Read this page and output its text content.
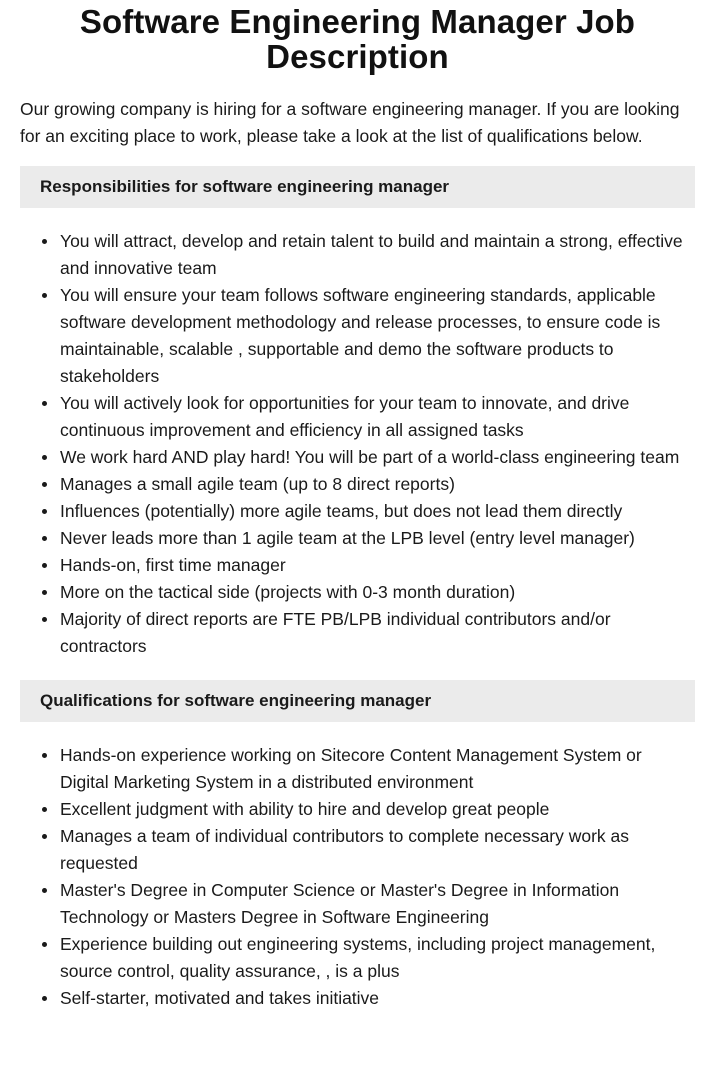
Software Engineering Manager Job Description

Our growing company is hiring for a software engineering manager. If you are looking for an exciting place to work, please take a look at the list of qualifications below.

Responsibilities for software engineering manager
You will attract, develop and retain talent to build and maintain a strong, effective and innovative team
You will ensure your team follows software engineering standards, applicable software development methodology and release processes, to ensure code is maintainable, scalable , supportable and demo the software products to stakeholders
You will actively look for opportunities for your team to innovate, and drive continuous improvement and efficiency in all assigned tasks
We work hard AND play hard! You will be part of a world-class engineering team
Manages a small agile team (up to 8 direct reports)
Influences (potentially) more agile teams, but does not lead them directly
Never leads more than 1 agile team at the LPB level (entry level manager)
Hands-on, first time manager
More on the tactical side (projects with 0-3 month duration)
Majority of direct reports are FTE PB/LPB individual contributors and/or contractors
Qualifications for software engineering manager
Hands-on experience working on Sitecore Content Management System or Digital Marketing System in a distributed environment
Excellent judgment with ability to hire and develop great people
Manages a team of individual contributors to complete necessary work as requested
Master's Degree in Computer Science or Master's Degree in Information Technology or Masters Degree in Software Engineering
Experience building out engineering systems, including project management, source control, quality assurance, , is a plus
Self-starter, motivated and takes initiative
